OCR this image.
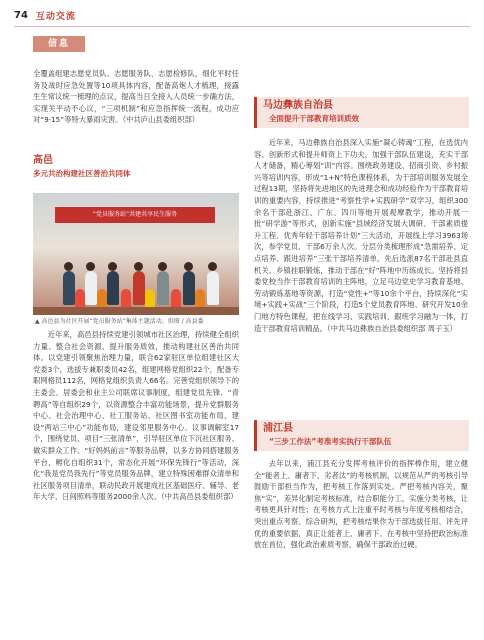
74 互动交流
信息

全覆盖组建志愿党员队、志愿服务队、志愿检修队，细化平时任务及战时应急处置等10项具体内容，配备高炮人才梳理，接露生生常议统一梳理的点议，提高当日全接入人员统一步确方法，实现关平动不心议，“三项机制”和应急指挥统一流程，成功应对“9·15”等特大暴雨灾害。（中共庐山县委组织部）

高邑
多元共治构建社区善治共同体
“党员服务站”共建共享民生服务
▲ 高邑县为社区开展“党员服务站”集体主题活动。供图 / 高县委

近年来，高邑县持续党建引领城市社区治理，持续健全组织力量、整合社会资源、提升服务质效，推动构建社区善治共同体。以党建引领聚焦治理力量，联合62家驻区单位组建社区大党委3个，选拔专兼职委员42名，组建网格党组织22个，配备专职网格员112名，网格党组织负责人66名。完善党组织领导下的主委会、居委会和业主公司联席议事制度，组建党员先锋、“青聘高”等自组织29个，以资源整合丰富功能场景，提升党群服务中心、社会治理中心、社工服务站、社区图书室功能布局，建设“两站三中心”功能布局，建设邻里服务中心、议事调解室17个，围绕党员、项目“三张清单”，引导驻区单位下沉社区服务、做实群众工作、“好妈妈前言”等服务品牌，以多方协同搭建服务平台，孵化自组织31个，常态化开展“环保先锋行”等活动，深化“我是党员我先行”等党员服务品牌，建立特殊困难群众清单和社区服务项目清单，联动民政开展建成社区基础医疗、辅导、老年大学、日间照料等服务2000余人次。（中共高邑县委组织部）

马边彝族自治县
全面提升干部教育培训质效

近年来，马边彝族自治县深入实施“凝心铸魂”工程，在选优内容、创新形式和提升师资上下功夫，加强干部队伍建设，充实干部人才储备，精心筹划“训”内容。围绕政务建设、招商引资、乡村振兴等培训内容，形成“1+N”特色课程体系，为干部培训服务发展全过程13期，坚持将先进地区的先进理念和成功经验作为干部教育培训的重要内容，持续推进“考察性学+实践研学”双学习，组织300余名干部赴浙江、广东、四川等地开展观摩教学，推动开展一批“研学游”等形式，创新实施“县域经济发展大调研、干部素质提升工程、优秀年轻干部培养计划”三大活动，开展线上学习3963场次，参学党员、干部6万余人次。分层分类梳理形成“急需培养、定点培养、跟进培养”三张干部培养清单，先后选派87名干部赴县直机关、乡镇挂职锻炼，推动干部在“好”阵地中历练成长。坚持将县委党校当作干部教育培训的主阵地，立足马边党史学习教育基地、劳动锻炼基地等资源，打造“党性+”等10余个平台，持续深化“实境+实践+实战”三个阶段，打造5个党员教育阵地、研究开发10余门地方特色课程，把在线学习、实践培训、跟班学习融为一体，打造干部教育培训精品。（中共马边彝族自治县委组织部 周子玉）

浦江县
“三步工作法”考准考实执行干部队伍

去年以来，浦江县充分发挥考核评价的指挥棒作用，建立健全“能者上、庸者下、劣者汰”的考核机制，以规范从严的考核引导鼓励干部担当作为，把考核工作落到实处。严把考核内容关，聚焦“实”，差异化制定考核标准，结合职能分工，实施分类考核，让考核更具针对性；在考核方式上注重平时考核与年度考核相结合，突出重点考察、综合研判，把考核结果作为干部选拔任用、评先评优的重要依据，真正让能者上、庸者下。在考核中坚持把政治标准放在首位，强化政治素质考察，确保干部政治过硬。
